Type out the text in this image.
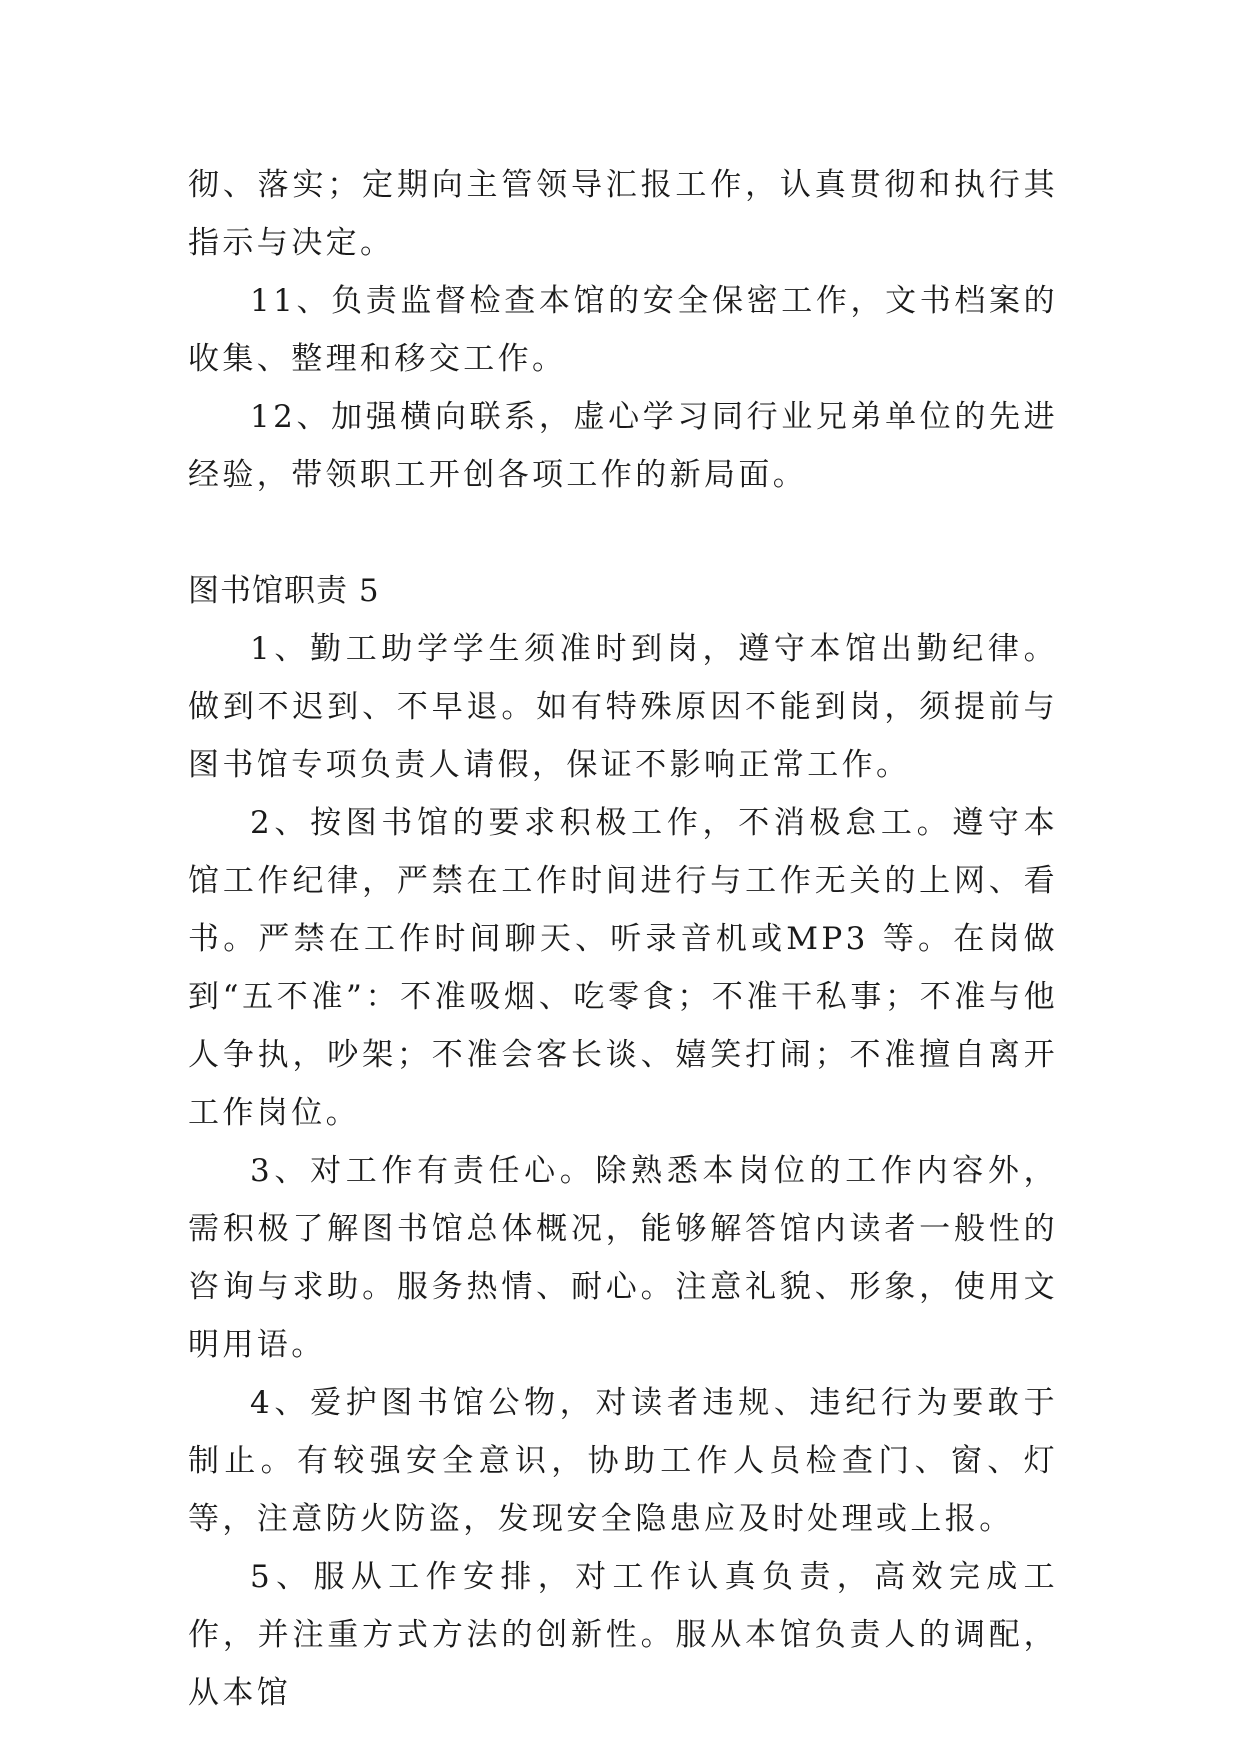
彻、落实；定期向主管领导汇报工作，认真贯彻和执行其指示与决定。

11、负责监督检查本馆的安全保密工作，文书档案的收集、整理和移交工作。

12、加强横向联系，虚心学习同行业兄弟单位的先进经验，带领职工开创各项工作的新局面。

图书馆职责 5

1、勤工助学学生须准时到岗，遵守本馆出勤纪律。做到不迟到、不早退。如有特殊原因不能到岗，须提前与图书馆专项负责人请假，保证不影响正常工作。

2、按图书馆的要求积极工作，不消极怠工。遵守本馆工作纪律，严禁在工作时间进行与工作无关的上网、看书。严禁在工作时间聊天、听录音机或MP3 等。在岗做到“五不准”：不准吸烟、吃零食；不准干私事；不准与他人争执，吵架；不准会客长谈、嬉笑打闹；不准擅自离开工作岗位。

3、对工作有责任心。除熟悉本岗位的工作内容外，需积极了解图书馆总体概况，能够解答馆内读者一般性的咨询与求助。服务热情、耐心。注意礼貌、形象，使用文明用语。

4、爱护图书馆公物，对读者违规、违纪行为要敢于制止。有较强安全意识，协助工作人员检查门、窗、灯等，注意防火防盗，发现安全隐患应及时处理或上报。

5、服从工作安排，对工作认真负责，高效完成工作，并注重方式方法的创新性。服从本馆负责人的调配，从本馆
